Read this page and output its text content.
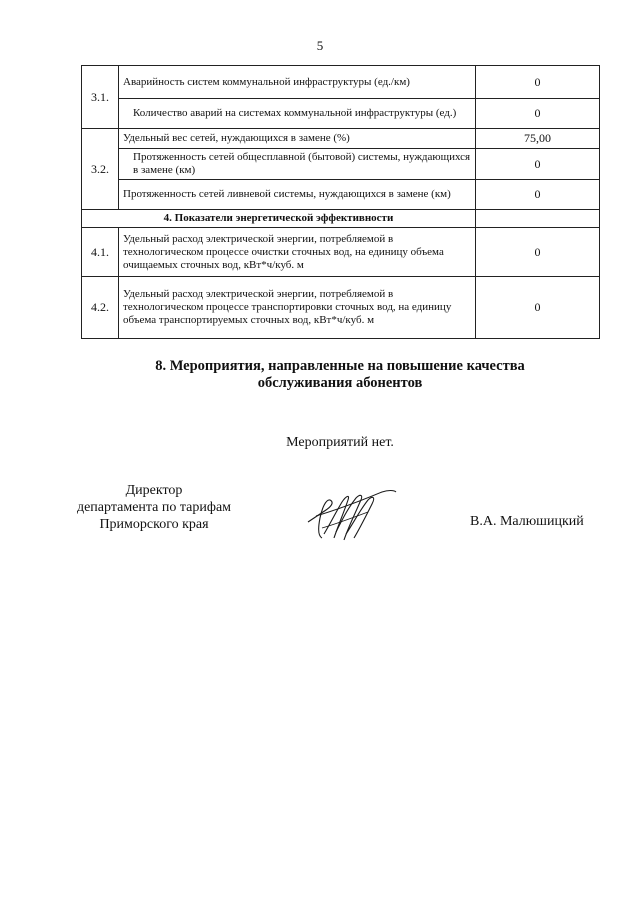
5
3.1.	Аварийность систем коммунальной инфраструктуры (ед./км)	0
	Количество аварий на системах коммунальной инфраструктуры (ед.)	0
3.2.	Удельный вес сетей, нуждающихся в замене (%)	75,00
	Протяженность сетей общесплавной (бытовой) системы, нуждающихся в замене (км)	0
	Протяженность сетей ливневой системы, нуждающихся в замене (км)	0
4. Показатели энергетической эффективности		
4.1.	Удельный расход электрической энергии, потребляемой в технологическом процессе очистки сточных вод, на единицу объема очищаемых сточных вод, кВт*ч/куб. м	0
4.2.	Удельный расход электрической энергии, потребляемой в технологическом процессе транспортировки сточных вод, на единицу объема транспортируемых сточных вод, кВт*ч/куб. м	0
8. Мероприятия, направленные на повышение качества
обслуживания абонентов
Мероприятий нет.
Директор
департамента по тарифам
Приморского края	В.А. Малюшицкий
